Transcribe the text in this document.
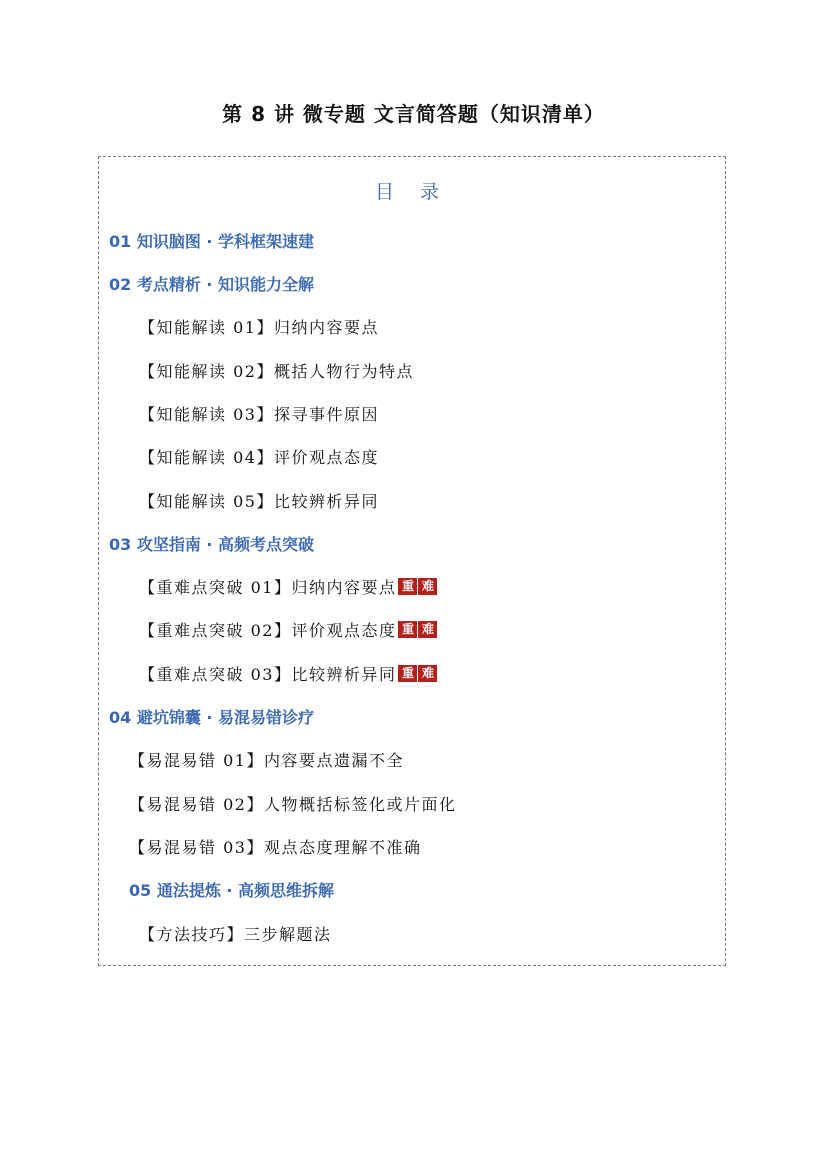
第 8 讲 微专题 文言简答题（知识清单）
目 录
01 知识脑图 · 学科框架速建
02 考点精析 · 知识能力全解
【知能解读 01】归纳内容要点
【知能解读 02】概括人物行为特点
【知能解读 03】探寻事件原因
【知能解读 04】评价观点态度
【知能解读 05】比较辨析异同
03 攻坚指南 · 高频考点突破
【重难点突破 01】归纳内容要点 重 难
【重难点突破 02】评价观点态度 重 难
【重难点突破 03】比较辨析异同 重 难
04 避坑锦囊 · 易混易错诊疗
【易混易错 01】内容要点遗漏不全
【易混易错 02】人物概括标签化或片面化
【易混易错 03】观点态度理解不准确
05 通法提炼 · 高频思维拆解
【方法技巧】三步解题法
